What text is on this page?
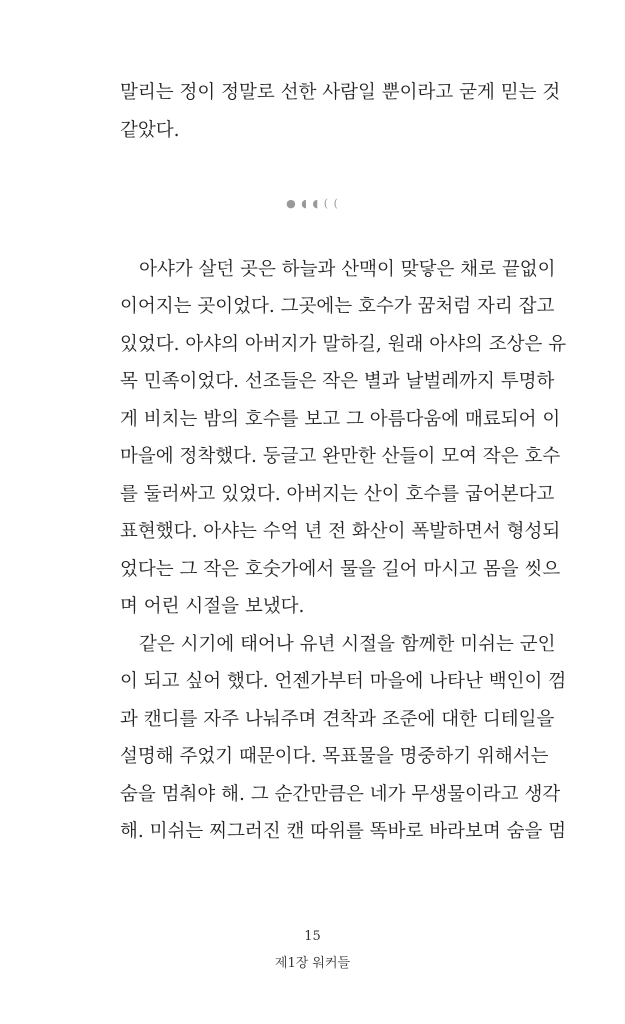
말리는 정이 정말로 선한 사람일 뿐이라고 굳게 믿는 것
같았다.
● ◖ ◖ ( (
아샤가 살던 곳은 하늘과 산맥이 맞닿은 채로 끝없이
이어지는 곳이었다. 그곳에는 호수가 꿈처럼 자리 잡고
있었다. 아샤의 아버지가 말하길, 원래 아샤의 조상은 유
목 민족이었다. 선조들은 작은 별과 날벌레까지 투명하
게 비치는 밤의 호수를 보고 그 아름다움에 매료되어 이
마을에 정착했다. 둥글고 완만한 산들이 모여 작은 호수
를 둘러싸고 있었다. 아버지는 산이 호수를 굽어본다고
표현했다. 아샤는 수억 년 전 화산이 폭발하면서 형성되
었다는 그 작은 호숫가에서 물을 길어 마시고 몸을 씻으
며 어린 시절을 보냈다.
같은 시기에 태어나 유년 시절을 함께한 미쉬는 군인
이 되고 싶어 했다. 언젠가부터 마을에 나타난 백인이 껌
과 캔디를 자주 나눠주며 견착과 조준에 대한 디테일을
설명해 주었기 때문이다. 목표물을 명중하기 위해서는
숨을 멈춰야 해. 그 순간만큼은 네가 무생물이라고 생각
해. 미쉬는 찌그러진 캔 따위를 똑바로 바라보며 숨을 멈
15
제1장 워커들
